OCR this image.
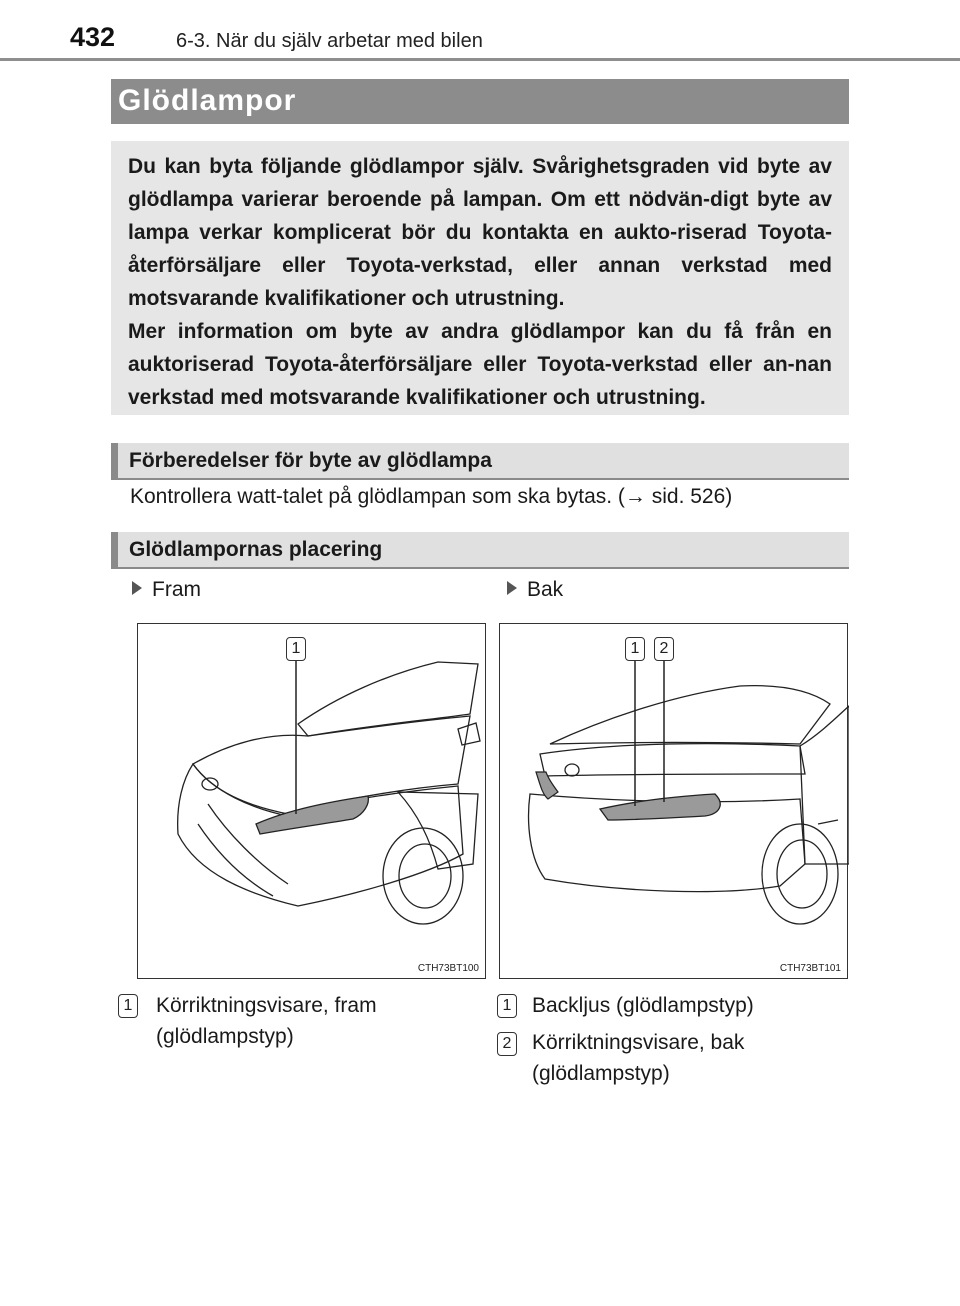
432	6-3. När du själv arbetar med bilen
Glödlampor

Du kan byta följande glödlampor själv. Svårighetsgraden vid byte av glödlampa varierar beroende på lampan. Om ett nödvän-digt byte av lampa verkar komplicerat bör du kontakta en aukto-riserad Toyota-återförsäljare eller Toyota-verkstad, eller annan verkstad med motsvarande kvalifikationer och utrustning.

Mer information om byte av andra glödlampor kan du få från en auktoriserad Toyota-återförsäljare eller Toyota-verkstad eller an-nan verkstad med motsvarande kvalifikationer och utrustning.

Förberedelser för byte av glödlampa
Kontrollera watt-talet på glödlampan som ska bytas. (→ sid. 526)
Glödlampornas placering
Fram	Bak
1
CTH73BT100
1	2
CTH73BT101
1 Körriktningsvisare, fram
(glödlampstyp)
1 Backljus (glödlampstyp)
2 Körriktningsvisare, bak
(glödlampstyp)
